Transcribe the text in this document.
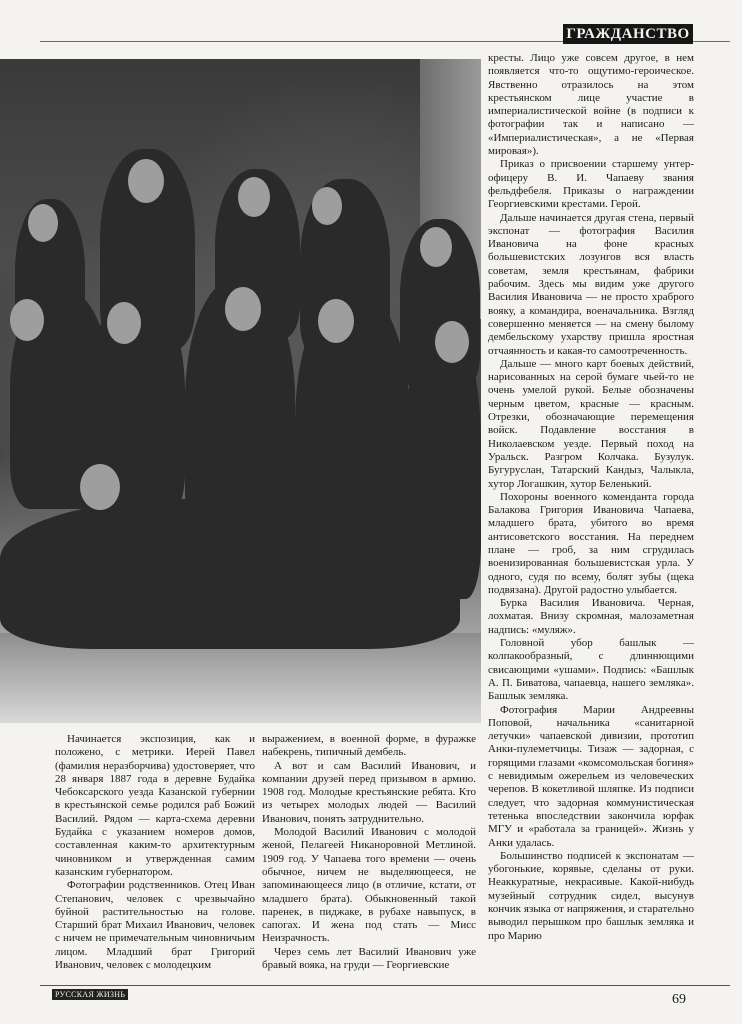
ГРАЖДАНСТВО

Начинается экспозиция, как и положено, с метрики. Иерей Павел (фамилия неразборчива) удостоверяет, что 28 января 1887 года в деревне Будайка Чебоксарского уезда Казанской губернии в крестьянской семье родился раб Божий Василий. Рядом — карта-схема деревни Будайка с указанием номеров домов, составленная каким-то архитектурным чиновником и утвержденная самим казанским губернатором.

Фотографии родственников. Отец Иван Степанович, человек с чрезвычайно буйной растительностью на голове. Старший брат Михаил Иванович, человек с ничем не примечательным чиновничьим лицом. Младший брат Григорий Иванович, человек с молодецким

выражением, в военной форме, в фуражке набекрень, типичный дембель.

А вот и сам Василий Иванович, и компании друзей перед призывом в армию. 1908 год. Молодые крестьянские ребята. Кто из четырех молодых людей — Василий Иванович, понять затруднительно.

Молодой Василий Иванович с молодой женой, Пелагеей Никаноровной Метлиной. 1909 год. У Чапаева того времени — очень обычное, ничем не выделяющееся, не запоминающееся лицо (в отличие, кстати, от младшего брата). Обыкновенный такой паренек, в пиджаке, в рубахе навыпуск, в сапогах. И жена под стать — Мисс Неизрачность.

Через семь лет Василий Иванович уже бравый вояка, на груди — Георгиевские

кресты. Лицо уже совсем другое, в нем появляется что-то ощутимо-героическое. Явственно отразилось на этом крестьянском лице участие в империалистической войне (в подписи к фотографии так и написано — «Империалистическая», а не «Первая мировая»).

Приказ о присвоении старшему унтер-офицеру В. И. Чапаеву звания фельдфебеля. Приказы о награждении Георгиевскими крестами. Герой.

Дальше начинается другая стена, первый экспонат — фотография Василия Ивановича на фоне красных большевистских лозунгов вся власть советам, земля крестьянам, фабрики рабочим. Здесь мы видим уже другого Василия Ивановича — не просто храброго вояку, а командира, военачальника. Взгляд совершенно меняется — на смену былому дембельскому ухарству пришла яростная отчаянность и какая-то самоотреченность.

Дальше — много карт боевых действий, нарисованных на серой бумаге чьей-то не очень умелой рукой. Белые обозначены черным цветом, красные — красным. Отрезки, обозначающие перемещения войск. Подавление восстания в Николаевском уезде. Первый поход на Уральск. Разгром Колчака. Бузулук. Бугуруслан, Татарский Кандыз, Чалыкла, хутор Логашкин, хутор Беленький.

Похороны военного коменданта города Балакова Григория Ивановича Чапаева, младшего брата, убитого во время антисоветского восстания. На переднем плане — гроб, за ним сгрудилась военизированная большевистская урла. У одного, судя по всему, болят зубы (щека подвязана). Другой радостно улыбается.

Бурка Василия Ивановича. Черная, лохматая. Внизу скромная, малозаметная надпись: «муляж».

Головной убор башлык — колпакообразный, с длиннющими свисающими «ушами». Подпись: «Башлык А. П. Биватова, чапаевца, нашего земляка». Башлык земляка.

Фотография Марии Андреевны Поповой, начальника «санитарной летучки» чапаевской дивизии, прототип Анки-пулеметчицы. Тизаж — задорная, с горящими глазами «комсомольская богиня» с невидимым ожерельем из человеческих черепов. В кокетливой шляпке. Из подписи следует, что задорная коммунистическая тетенька впоследствии закончила юрфак МГУ и «работала за границей». Жизнь у Анки удалась.

Большинство подписей к экспонатам — убогонькие, корявые, сделаны от руки. Неаккуратные, некрасивые. Какой-нибудь музейный сотрудник сидел, высунув кончик языка от напряжения, и старательно выводил перышком про башлык земляка и про Марию

РУССКАЯ ЖИЗНЬ	69
